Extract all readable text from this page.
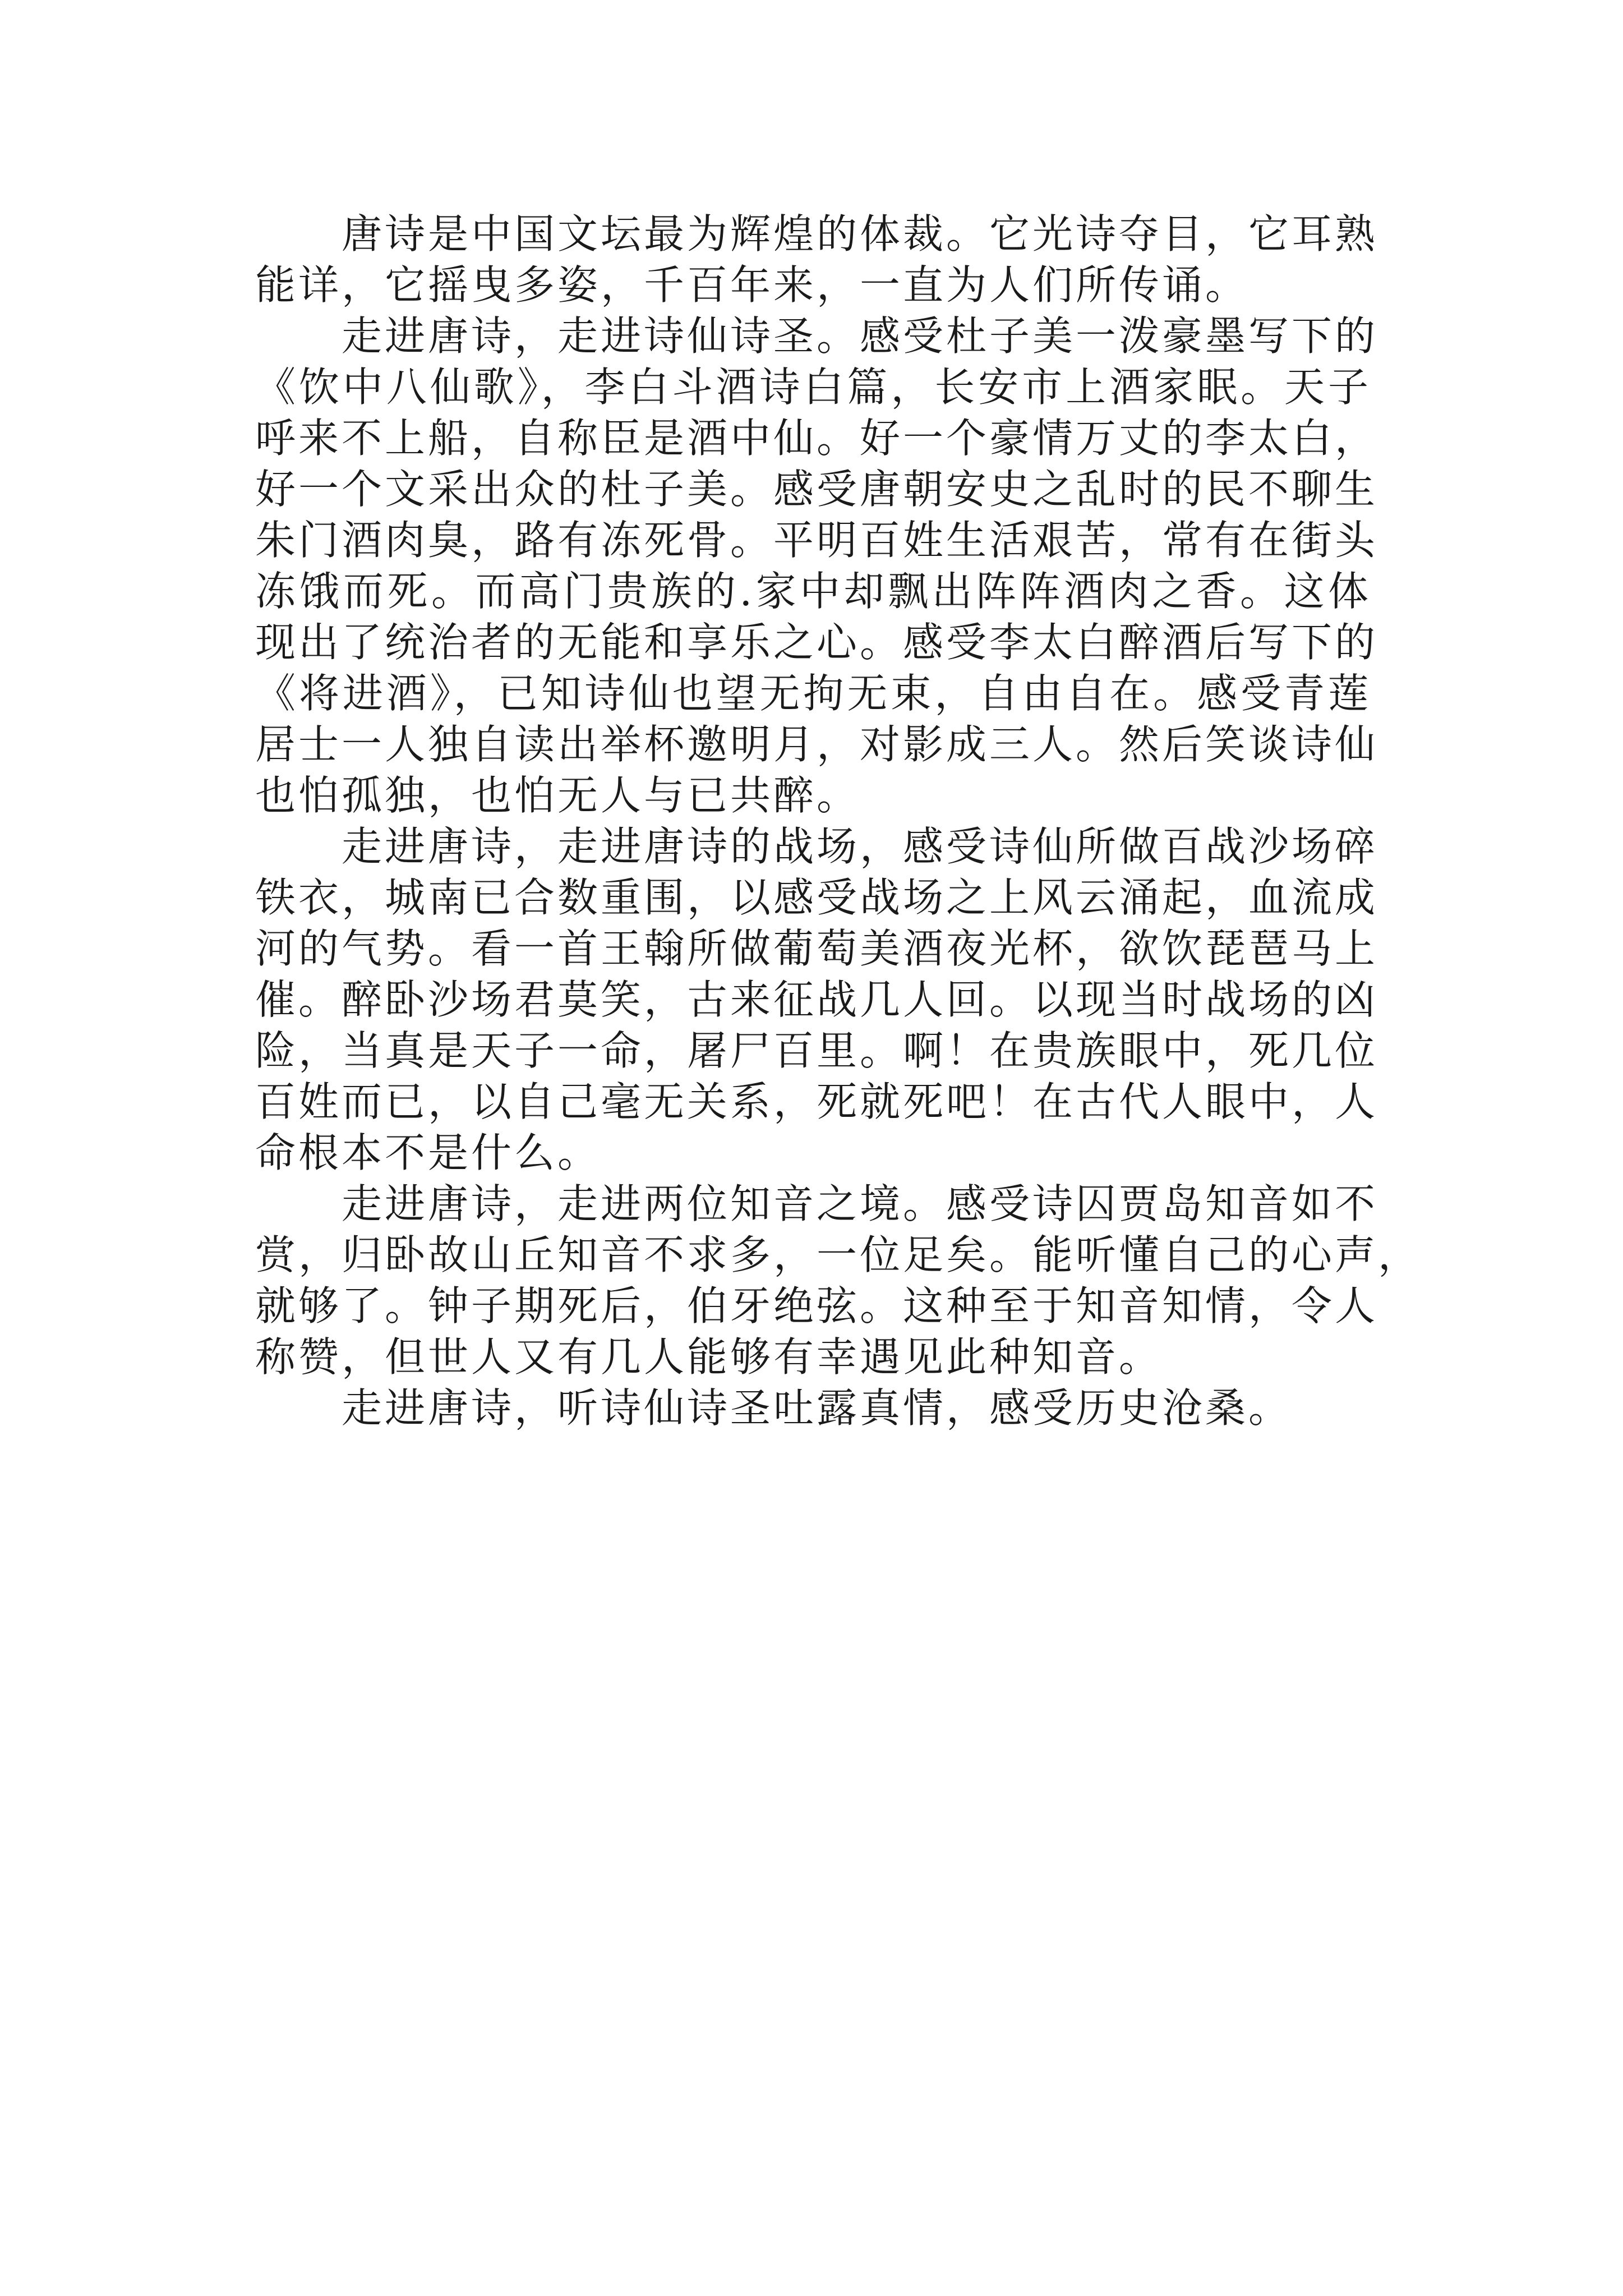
唐诗是中国文坛最为辉煌的体裁。它光诗夺目，它耳熟
能详，它摇曳多姿，千百年来，一直为人们所传诵。
走进唐诗，走进诗仙诗圣。感受杜子美一泼豪墨写下的
《饮中八仙歌》，李白斗酒诗白篇，长安市上酒家眠。天子
呼来不上船，自称臣是酒中仙。好一个豪情万丈的李太白，
好一个文采出众的杜子美。感受唐朝安史之乱时的民不聊生
朱门酒肉臭，路有冻死骨。平明百姓生活艰苦，常有在街头
冻饿而死。而高门贵族的.家中却飘出阵阵酒肉之香。这体
现出了统治者的无能和享乐之心。感受李太白醉酒后写下的
《将进酒》，已知诗仙也望无拘无束，自由自在。感受青莲
居士一人独自读出举杯邀明月，对影成三人。然后笑谈诗仙
也怕孤独，也怕无人与已共醉。
走进唐诗，走进唐诗的战场，感受诗仙所做百战沙场碎
铁衣，城南已合数重围，以感受战场之上风云涌起，血流成
河的气势。看一首王翰所做葡萄美酒夜光杯，欲饮琵琶马上
催。醉卧沙场君莫笑，古来征战几人回。以现当时战场的凶
险，当真是天子一命，屠尸百里。啊！在贵族眼中，死几位
百姓而已，以自己毫无关系，死就死吧！在古代人眼中，人
命根本不是什么。
走进唐诗，走进两位知音之境。感受诗囚贾岛知音如不
赏，归卧故山丘知音不求多，一位足矣。能听懂自己的心声，
就够了。钟子期死后，伯牙绝弦。这种至于知音知情，令人
称赞，但世人又有几人能够有幸遇见此种知音。
走进唐诗，听诗仙诗圣吐露真情，感受历史沧桑。
